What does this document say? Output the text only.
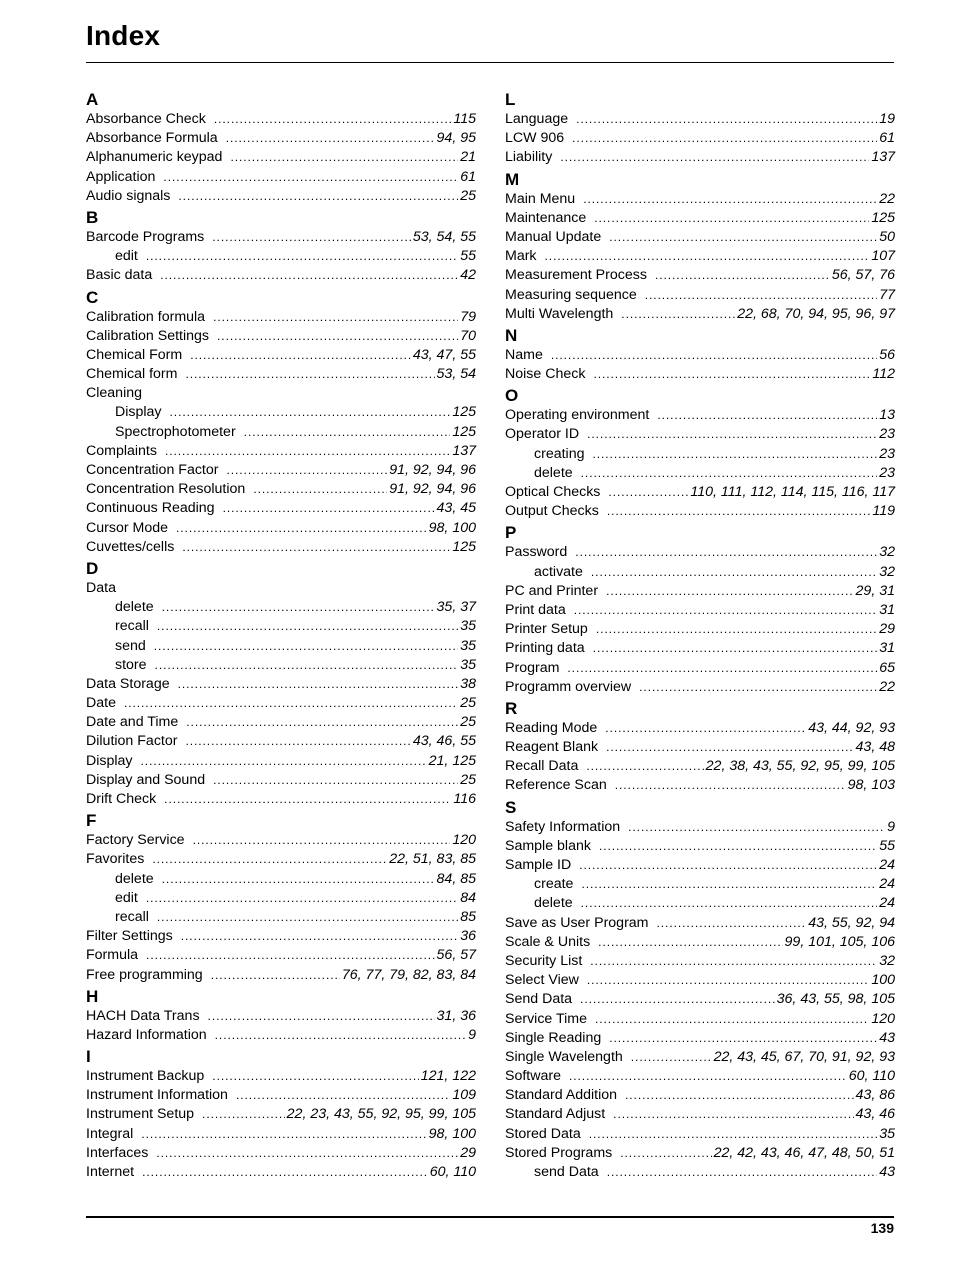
Index
A
Absorbance Check . . .	115
Absorbance Formula . . .	94, 95
Alphanumeric keypad . . .	21
Application . . .	61
Audio signals . . .	25
B
Barcode Programs . . .	53, 54, 55
edit . . .	55
Basic data . . .	42
C
Calibration formula . . .	79
Calibration Settings . . .	70
Chemical Form . . .	43, 47, 55
Chemical form . . .	53, 54
Cleaning
Display . . .	125
Spectrophotometer . . .	125
Complaints . . .	137
Concentration Factor . . .	91, 92, 94, 96
Concentration Resolution . . .	91, 92, 94, 96
Continuous Reading . . .	43, 45
Cursor Mode . . .	98, 100
Cuvettes/cells . . .	125
D
Data
delete . . .	35, 37
recall . . .	35
send . . .	35
store . . .	35
Data Storage . . .	38
Date . . .	25
Date and Time . . .	25
Dilution Factor . . .	43, 46, 55
Display . . .	21, 125
Display and Sound . . .	25
Drift Check . . .	116
F
Factory Service . . .	120
Favorites . . .	22, 51, 83, 85
delete . . .	84, 85
edit . . .	84
recall . . .	85
Filter Settings . . .	36
Formula . . .	56, 57
Free programming . . .	76, 77, 79, 82, 83, 84
H
HACH Data Trans . . .	31, 36
Hazard Information . . .	9
I
Instrument Backup . . .	121, 122
Instrument Information . . .	109
Instrument Setup . . .	22, 23, 43, 55, 92, 95, 99, 105
Integral . . .	98, 100
Interfaces . . .	29
Internet . . .	60, 110
L
Language . . .	19
LCW 906 . . .	61
Liability . . .	137
M
Main Menu . . .	22
Maintenance . . .	125
Manual Update . . .	50
Mark . . .	107
Measurement Process . . .	56, 57, 76
Measuring sequence . . .	77
Multi Wavelength . . .	22, 68, 70, 94, 95, 96, 97
N
Name . . .	56
Noise Check . . .	112
O
Operating environment . . .	13
Operator ID . . .	23
creating . . .	23
delete . . .	23
Optical Checks . . .	110, 111, 112, 114, 115, 116, 117
Output Checks . . .	119
P
Password . . .	32
activate . . .	32
PC and Printer . . .	29, 31
Print data . . .	31
Printer Setup . . .	29
Printing data . . .	31
Program . . .	65
Programm overview . . .	22
R
Reading Mode . . .	43, 44, 92, 93
Reagent Blank . . .	43, 48
Recall Data . . .	22, 38, 43, 55, 92, 95, 99, 105
Reference Scan . . .	98, 103
S
Safety Information . . .	9
Sample blank . . .	55
Sample ID . . .	24
create . . .	24
delete . . .	24
Save as User Program . . .	43, 55, 92, 94
Scale & Units . . .	99, 101, 105, 106
Security List . . .	32
Select View . . .	100
Send Data . . .	36, 43, 55, 98, 105
Service Time . . .	120
Single Reading . . .	43
Single Wavelength . . .	22, 43, 45, 67, 70, 91, 92, 93
Software . . .	60, 110
Standard Addition . . .	43, 86
Standard Adjust . . .	43, 46
Stored Data . . .	35
Stored Programs . . .	22, 42, 43, 46, 47, 48, 50, 51
send Data . . .	43
139
